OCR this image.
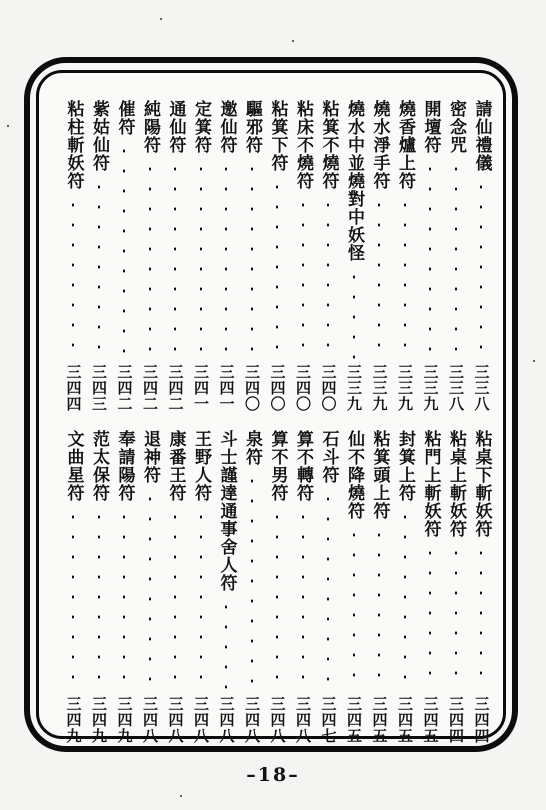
請仙禮儀
三三八
密念咒
三三八
開壇符
三三九
燒香爐上符
三三九
燒水淨手符
三三九
燒水中並燒對中妖怪
三三九
粘箕不燒符
三四〇
粘床不燒符
三四〇
粘箕下符
三四〇
驅邪符
三四〇
邀仙符
三四一
定箕符
三四一
通仙符
三四二
純陽符
三四二
催符
三四二
紫姑仙符
三四三
粘柱斬妖符
三四四
粘桌下斬妖符
三四四
粘桌上斬妖符
三四四
粘門上斬妖符
三四五
封箕上符
三四五
粘箕頭上符
三四五
仙不降燒符
三四五
石斗符
三四七
算不轉符
三四八
算不男符
三四八
泉符
三四八
斗士謹達通事舍人符
三四八
王野人符
三四八
康番王符
三四八
退神符
三四八
奉請陽符
三四九
范太保符
三四九
文曲星符
三四九
–18–
